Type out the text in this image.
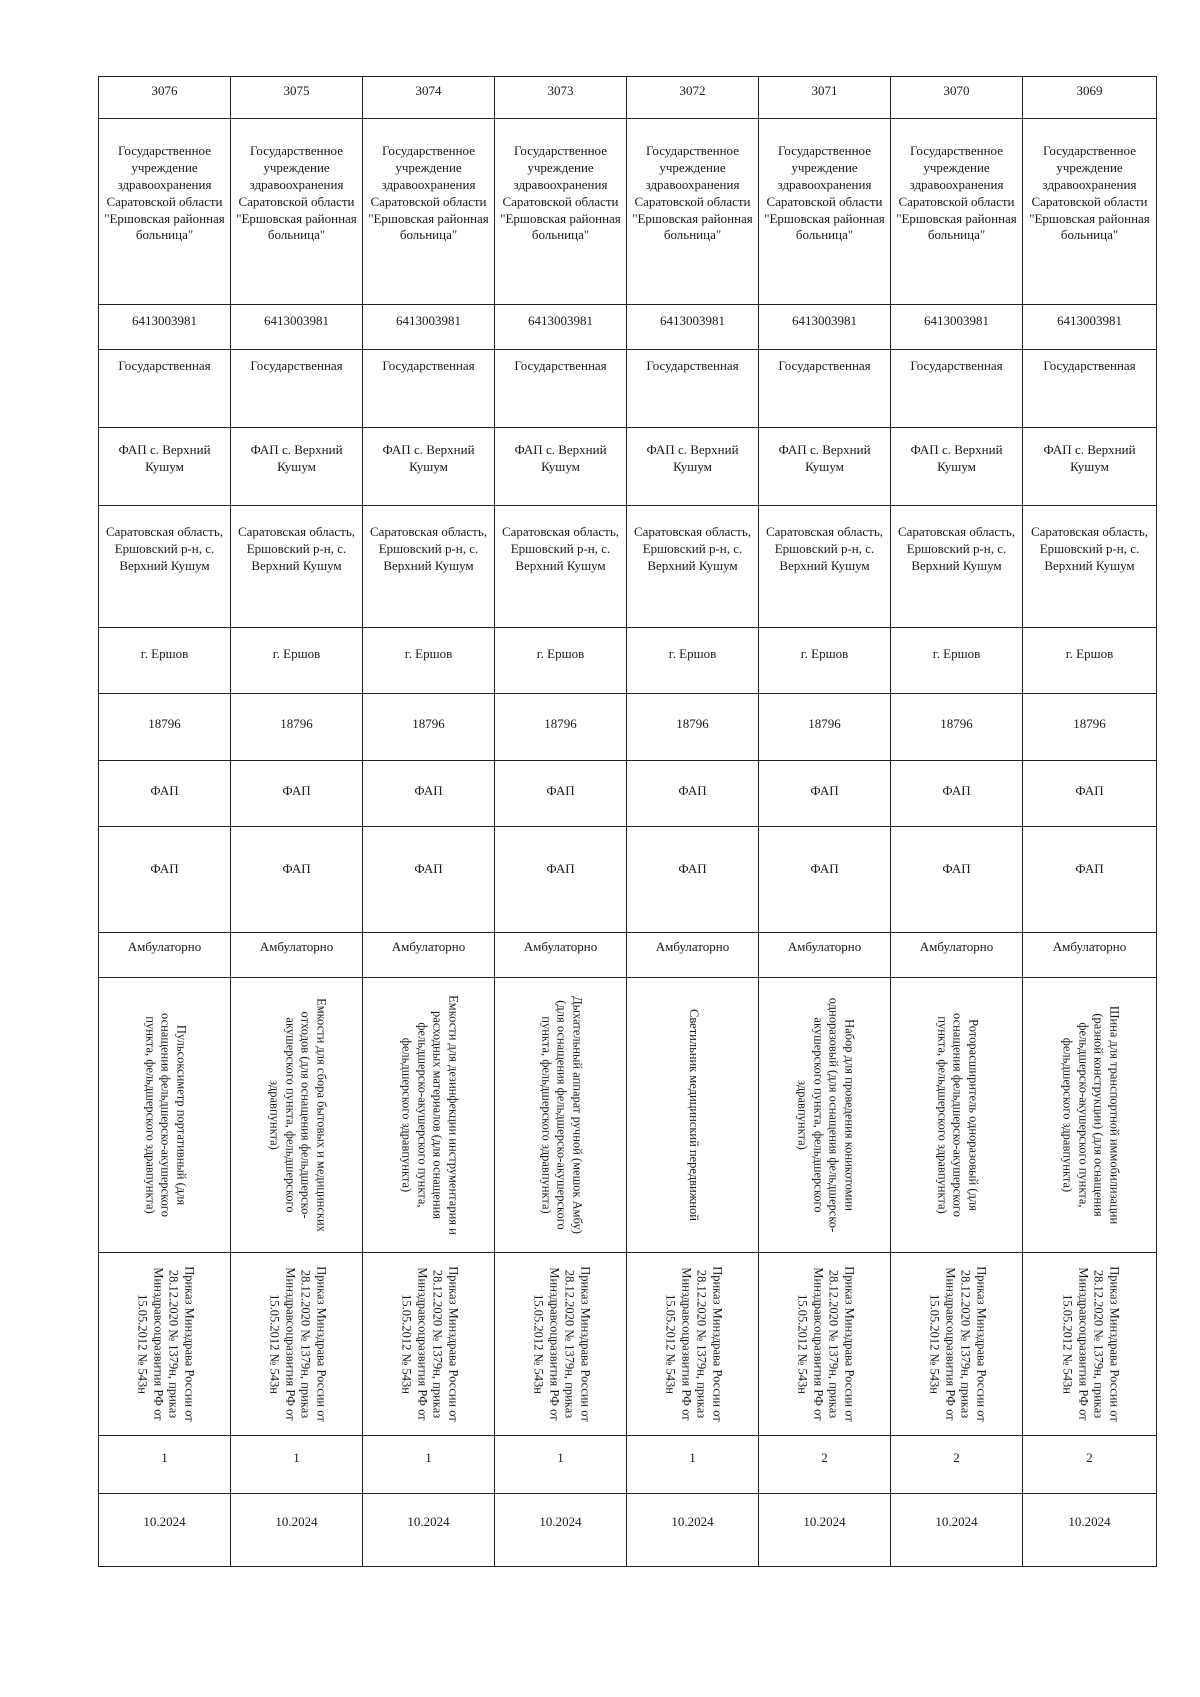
3076	3075	3074	3073	3072	3071	3070	3069
Государственное учреждение здравоохранения Саратовской области "Ершовская районная больница"	Государственное учреждение здравоохранения Саратовской области "Ершовская районная больница"	Государственное учреждение здравоохранения Саратовской области "Ершовская районная больница"	Государственное учреждение здравоохранения Саратовской области "Ершовская районная больница"	Государственное учреждение здравоохранения Саратовской области "Ершовская районная больница"	Государственное учреждение здравоохранения Саратовской области "Ершовская районная больница"	Государственное учреждение здравоохранения Саратовской области "Ершовская районная больница"	Государственное учреждение здравоохранения Саратовской области "Ершовская районная больница"
6413003981	6413003981	6413003981	6413003981	6413003981	6413003981	6413003981	6413003981
Государственная	Государственная	Государственная	Государственная	Государственная	Государственная	Государственная	Государственная
ФАП с. Верхний Кушум	ФАП с. Верхний Кушум	ФАП с. Верхний Кушум	ФАП с. Верхний Кушум	ФАП с. Верхний Кушум	ФАП с. Верхний Кушум	ФАП с. Верхний Кушум	ФАП с. Верхний Кушум
Саратовская область, Ершовский р-н, с. Верхний Кушум	Саратовская область, Ершовский р-н, с. Верхний Кушум	Саратовская область, Ершовский р-н, с. Верхний Кушум	Саратовская область, Ершовский р-н, с. Верхний Кушум	Саратовская область, Ершовский р-н, с. Верхний Кушум	Саратовская область, Ершовский р-н, с. Верхний Кушум	Саратовская область, Ершовский р-н, с. Верхний Кушум	Саратовская область, Ершовский р-н, с. Верхний Кушум
г. Ершов	г. Ершов	г. Ершов	г. Ершов	г. Ершов	г. Ершов	г. Ершов	г. Ершов
18796	18796	18796	18796	18796	18796	18796	18796
ФАП	ФАП	ФАП	ФАП	ФАП	ФАП	ФАП	ФАП
ФАП	ФАП	ФАП	ФАП	ФАП	ФАП	ФАП	ФАП
Амбулаторно	Амбулаторно	Амбулаторно	Амбулаторно	Амбулаторно	Амбулаторно	Амбулаторно	Амбулаторно

Пульсоксиметр портативный (для оснащения фельдшерско-акушерского пункта, фельдшерского здравпункта)	Емкости для сбора бытовых и медицинских отходов (для оснащения фельдшерско-акушерского пункта, фельдшерского здравпункта)	Емкости для дезинфекции инструментария и расходных материалов (для оснащения фельдшерско-акушерского пункта, фельдшерского здравпункта)	Дыхательный аппарат ручной (мешок Амбу) (для оснащения фельдшерско-акушерского пункта, фельдшерского здравпункта)	Светильник медицинский передвижной	Набор для проведения коникотомии одноразовый (для оснащения фельдшерско-акушерского пункта, фельдшерского здравпункта)	Роторасширитель одноразовый (для оснащения фельдшерско-акушерского пункта, фельдшерского здравпункта)	Шина для транспортной иммобилизации (разной конструкции) (для оснащения фельдшерско-акушерского пункта, фельдшерского здравпункта)

Приказ Минздрава России от 28.12.2020 № 1379н, приказ Минздравсоцразвития РФ от 15.05.2012 № 543н	Приказ Минздрава России от 28.12.2020 № 1379н, приказ Минздравсоцразвития РФ от 15.05.2012 № 543н	Приказ Минздрава России от 28.12.2020 № 1379н, приказ Минздравсоцразвития РФ от 15.05.2012 № 543н	Приказ Минздрава России от 28.12.2020 № 1379н, приказ Минздравсоцразвития РФ от 15.05.2012 № 543н	Приказ Минздрава России от 28.12.2020 № 1379н, приказ Минздравсоцразвития РФ от 15.05.2012 № 543н	Приказ Минздрава России от 28.12.2020 № 1379н, приказ Минздравсоцразвития РФ от 15.05.2012 № 543н	Приказ Минздрава России от 28.12.2020 № 1379н, приказ Минздравсоцразвития РФ от 15.05.2012 № 543н	Приказ Минздрава России от 28.12.2020 № 1379н, приказ Минздравсоцразвития РФ от 15.05.2012 № 543н

1	1	1	1	1	2	2	2
10.2024	10.2024	10.2024	10.2024	10.2024	10.2024	10.2024	10.2024
